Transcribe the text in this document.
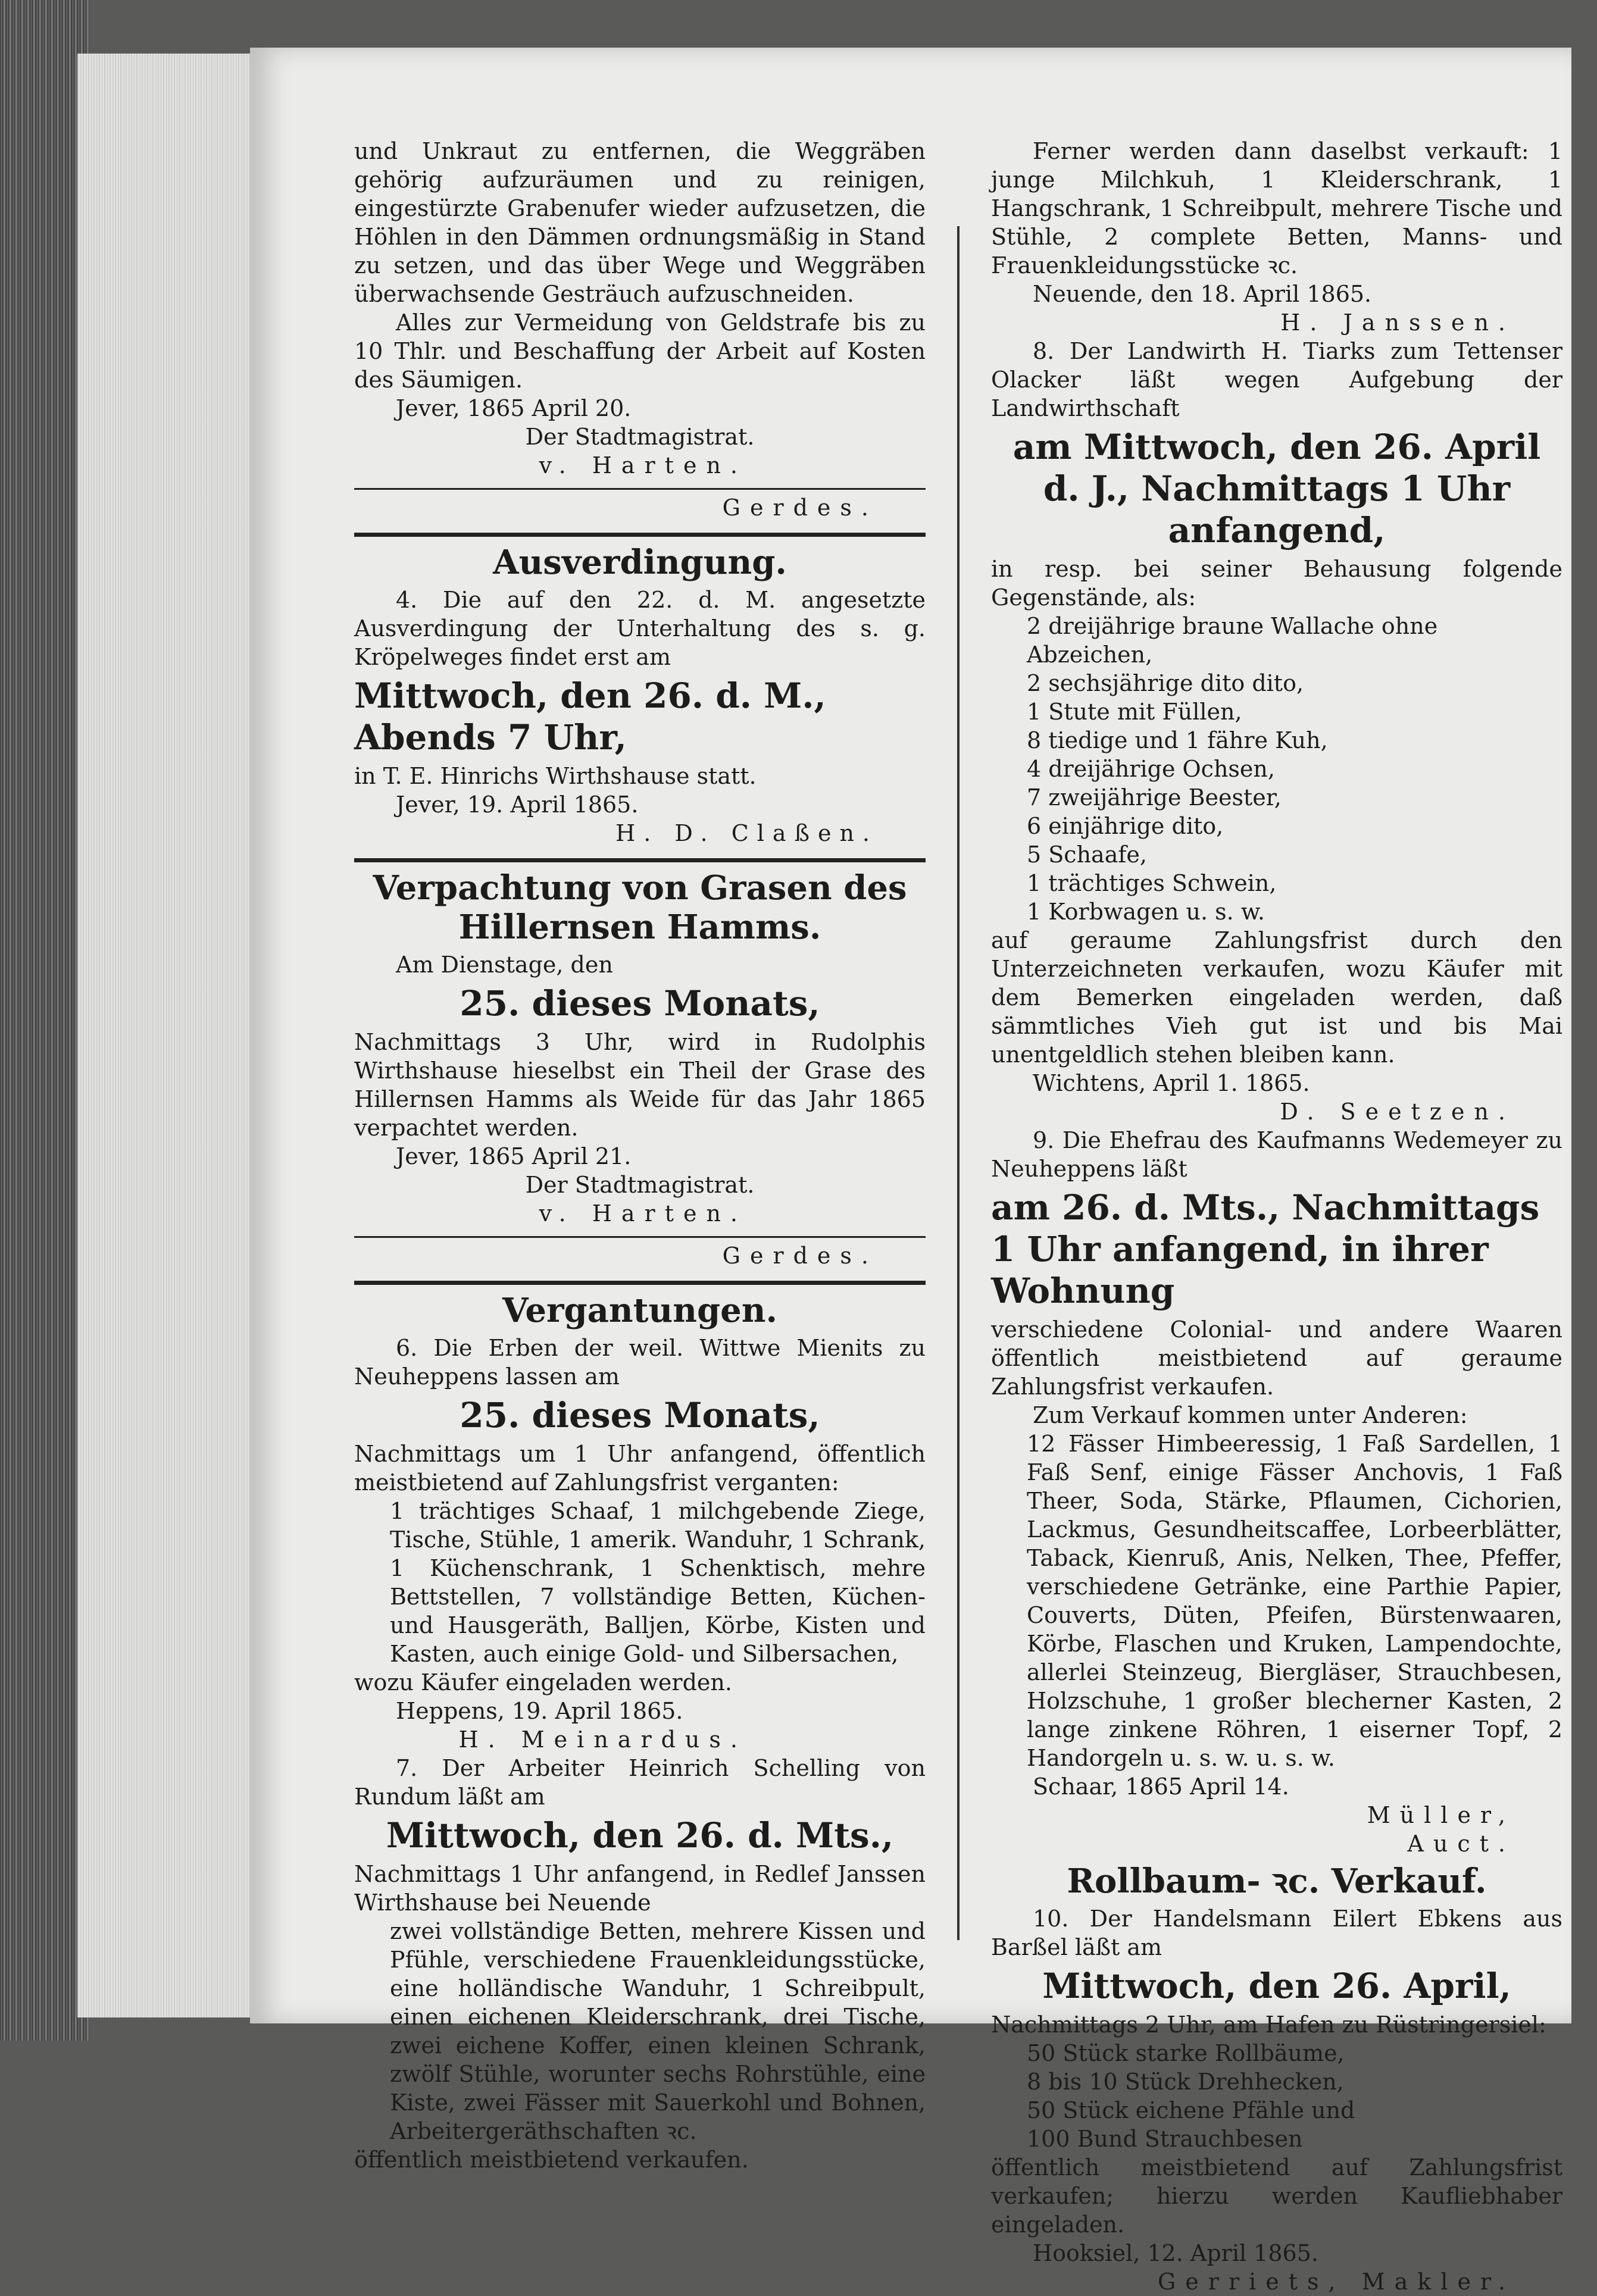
und Unkraut zu entfernen, die Weggräben gehörig aufzuräumen und zu reinigen, eingestürzte Grabenufer wieder aufzusetzen, die Höhlen in den Dämmen ordnungsmäßig in Stand zu setzen, und das über Wege und Weggräben überwachsende Gesträuch aufzuschneiden.

Alles zur Vermeidung von Geldstrafe bis zu 10 Thlr. und Beschaffung der Arbeit auf Kosten des Säumigen.

Jever, 1865 April 20.

Der Stadtmagistrat.

v. Harten.

Gerdes.

Ausverdingung.

4. Die auf den 22. d. M. angesetzte Ausverdingung der Unterhaltung des s. g. Kröpelweges findet erst am

Mittwoch, den 26. d. M., Abends 7 Uhr,

in T. E. Hinrichs Wirthshause statt.

Jever, 19. April 1865.

H. D. Claßen.

Verpachtung von Grasen des Hillernsen Hamms.

Am Dienstage, den

25. dieses Monats,

Nachmittags 3 Uhr, wird in Rudolphis Wirthshause hieselbst ein Theil der Grase des Hillernsen Hamms als Weide für das Jahr 1865 verpachtet werden.

Jever, 1865 April 21.

Der Stadtmagistrat.

v. Harten.

Gerdes.

Vergantungen.

6. Die Erben der weil. Wittwe Mienits zu Neuheppens lassen am

25. dieses Monats,

Nachmittags um 1 Uhr anfangend, öffentlich meistbietend auf Zahlungsfrist verganten:

1 trächtiges Schaaf, 1 milchgebende Ziege, Tische, Stühle, 1 amerik. Wanduhr, 1 Schrank, 1 Küchenschrank, 1 Schenktisch, mehre Bettstellen, 7 vollständige Betten, Küchen- und Hausgeräth, Balljen, Körbe, Kisten und Kasten, auch einige Gold- und Silbersachen,

wozu Käufer eingeladen werden.

Heppens, 19. April 1865.

H. Meinardus.

7. Der Arbeiter Heinrich Schelling von Rundum läßt am

Mittwoch, den 26. d. Mts.,

Nachmittags 1 Uhr anfangend, in Redlef Janssen Wirthshause bei Neuende

zwei vollständige Betten, mehrere Kissen und Pfühle, verschiedene Frauenkleidungsstücke, eine holländische Wanduhr, 1 Schreibpult, einen eichenen Kleiderschrank, drei Tische, zwei eichene Koffer, einen kleinen Schrank, zwölf Stühle, worunter sechs Rohrstühle, eine Kiste, zwei Fässer mit Sauerkohl und Bohnen, Arbeitergeräthschaften ꝛc.

öffentlich meistbietend verkaufen.

Ferner werden dann daselbst verkauft: 1 junge Milchkuh, 1 Kleiderschrank, 1 Hangschrank, 1 Schreibpult, mehrere Tische und Stühle, 2 complete Betten, Manns- und Frauenkleidungsstücke ꝛc.

Neuende, den 18. April 1865.

H. Janssen.

8. Der Landwirth H. Tiarks zum Tettenser Olacker läßt wegen Aufgebung der Landwirthschaft

am Mittwoch, den 26. April d. J., Nachmittags 1 Uhr anfangend,

in resp. bei seiner Behausung folgende Gegenstände, als:

2 dreijährige braune Wallache ohne Abzeichen,
2 sechsjährige dito dito,
1 Stute mit Füllen,
8 tiedige und 1 fähre Kuh,
4 dreijährige Ochsen,
7 zweijährige Beester,
6 einjährige dito,
5 Schaafe,
1 trächtiges Schwein,
1 Korbwagen u. s. w.

auf geraume Zahlungsfrist durch den Unterzeichneten verkaufen, wozu Käufer mit dem Bemerken eingeladen werden, daß sämmtliches Vieh gut ist und bis Mai unentgeldlich stehen bleiben kann.

Wichtens, April 1. 1865.

D. Seetzen.

9. Die Ehefrau des Kaufmanns Wedemeyer zu Neuheppens läßt

am 26. d. Mts., Nachmittags 1 Uhr anfangend, in ihrer Wohnung

verschiedene Colonial- und andere Waaren öffentlich meistbietend auf geraume Zahlungsfrist verkaufen.

Zum Verkauf kommen unter Anderen:

12 Fässer Himbeeressig, 1 Faß Sardellen, 1 Faß Senf, einige Fässer Anchovis, 1 Faß Theer, Soda, Stärke, Pflaumen, Cichorien, Lackmus, Gesundheitscaffee, Lorbeerblätter, Taback, Kienruß, Anis, Nelken, Thee, Pfeffer, verschiedene Getränke, eine Parthie Papier, Couverts, Düten, Pfeifen, Bürstenwaaren, Körbe, Flaschen und Kruken, Lampendochte, allerlei Steinzeug, Biergläser, Strauchbesen, Holzschuhe, 1 großer blecherner Kasten, 2 lange zinkene Röhren, 1 eiserner Topf, 2 Handorgeln u. s. w. u. s. w.

Schaar, 1865 April 14.

Müller,

Auct.

Rollbaum- ꝛc. Verkauf.

10. Der Handelsmann Eilert Ebkens aus Barßel läßt am

Mittwoch, den 26. April,

Nachmittags 2 Uhr, am Hafen zu Rüstringersiel:

50 Stück starke Rollbäume,
8 bis 10 Stück Drehhecken,
50 Stück eichene Pfähle und
100 Bund Strauchbesen

öffentlich meistbietend auf Zahlungsfrist verkaufen; hierzu werden Kaufliebhaber eingeladen.

Hooksiel, 12. April 1865.

Gerriets, Makler.
